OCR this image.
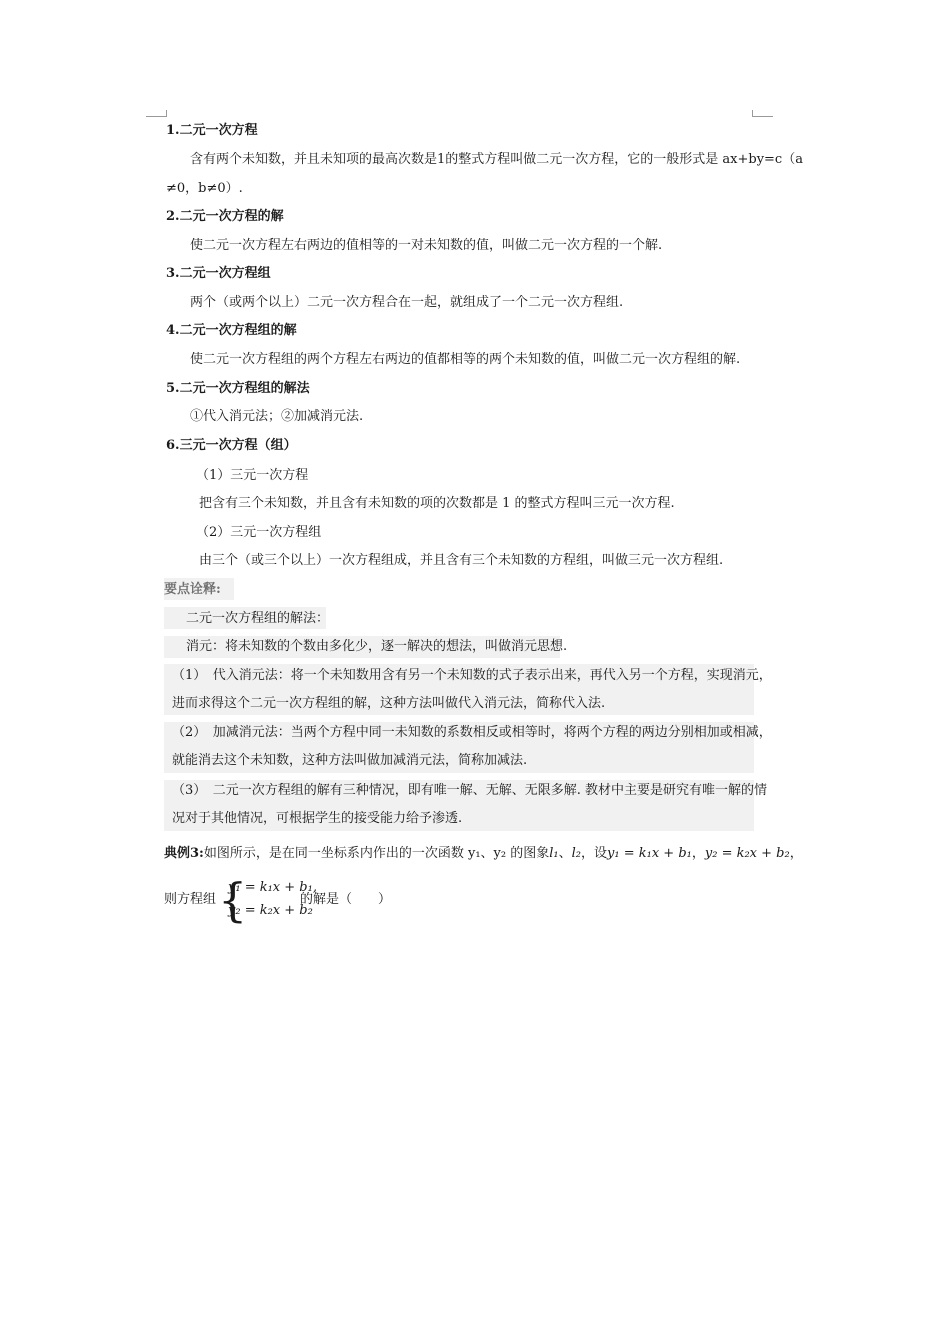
1.二元一次方程
含有两个未知数，并且未知项的最高次数是1的整式方程叫做二元一次方程，它的一般形式是 ax+by=c（a
≠0，b≠0）.
2.二元一次方程的解
使二元一次方程左右两边的值相等的一对未知数的值，叫做二元一次方程的一个解.
3.二元一次方程组
两个（或两个以上）二元一次方程合在一起，就组成了一个二元一次方程组.
4.二元一次方程组的解
使二元一次方程组的两个方程左右两边的值都相等的两个未知数的值，叫做二元一次方程组的解.
5.二元一次方程组的解法
①代入消元法；②加减消元法.
6.三元一次方程（组）
（1）三元一次方程
把含有三个未知数，并且含有未知数的项的次数都是 1 的整式方程叫三元一次方程.
（2）三元一次方程组
由三个（或三个以上）一次方程组成，并且含有三个未知数的方程组，叫做三元一次方程组.
要点诠释:
二元一次方程组的解法：
消元：将未知数的个数由多化少，逐一解决的想法，叫做消元思想.
（1）　代入消元法：将一个未知数用含有另一个未知数的式子表示出来，再代入另一个方程，实现消元，
进而求得这个二元一次方程组的解，这种方法叫做代入消元法，简称代入法.
（2）　加减消元法：当两个方程中同一未知数的系数相反或相等时，将两个方程的两边分别相加或相减，
就能消去这个未知数，这种方法叫做加减消元法，简称加减法.
（3）　二元一次方程组的解有三种情况，即有唯一解、无解、无限多解. 教材中主要是研究有唯一解的情
况对于其他情况，可根据学生的接受能力给予渗透.
典例3:如图所示，是在同一坐标系内作出的一次函数 y₁、y₂ 的图象l₁、l₂，设y₁ = k₁x + b₁，y₂ = k₂x + b₂，
则方程组 {
y₂ = k₂x + b₂
y₁ = k₁x + b₁,
的解是（　　）
